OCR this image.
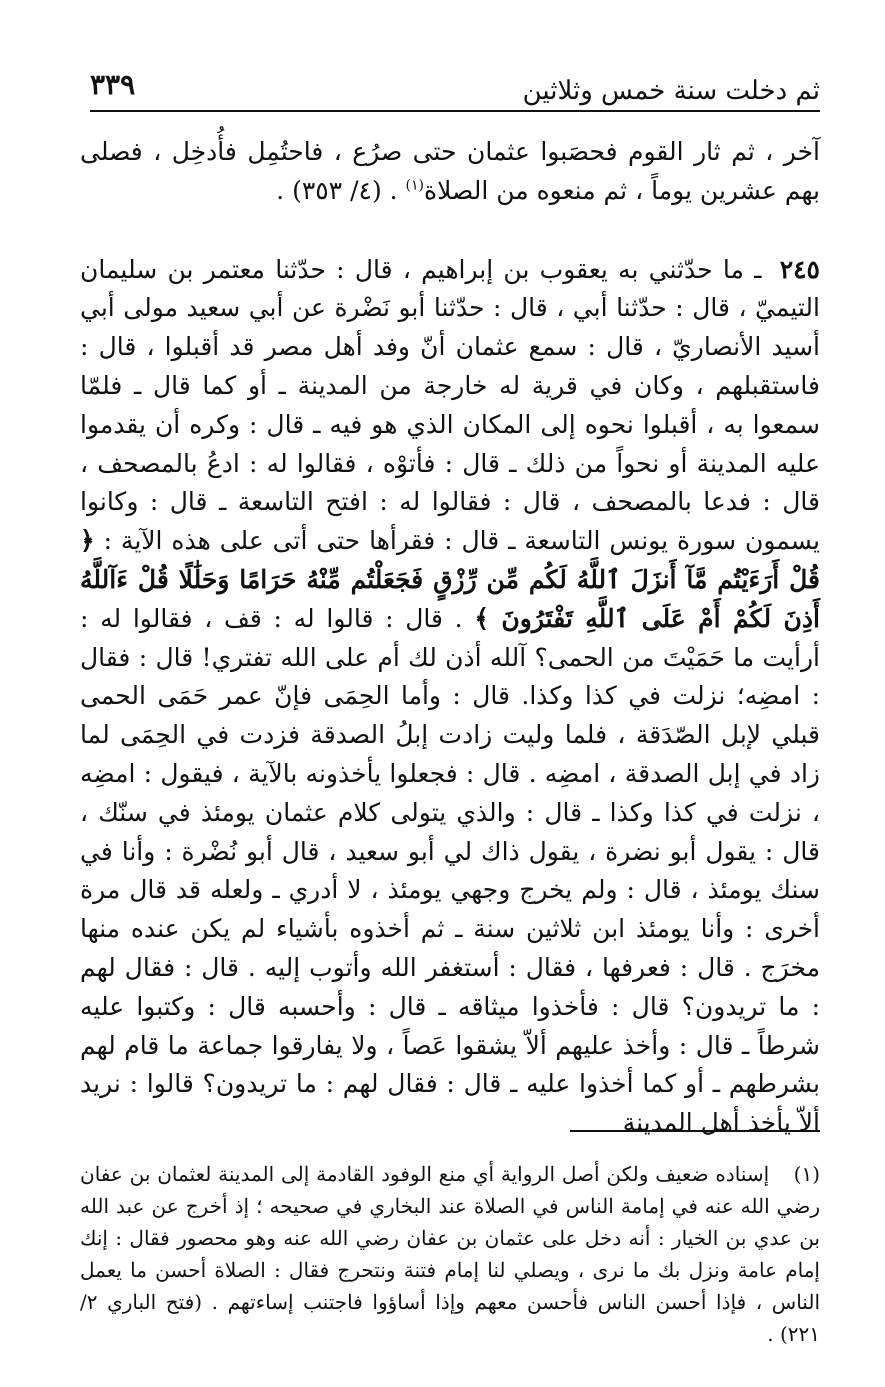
٣٣٩	ثم دخلت سنة خمس وثلاثين

آخر ، ثم ثار القوم فحصَبوا عثمان حتى صرُع ، فاحتُمِل فأُدخِل ، فصلى بهم عشرين يوماً ، ثم منعوه من الصلاة$^{(١)}$ . (٤/ ٣٥٣) .

٢٤٥ ـ ما حدّثني به يعقوب بن إبراهيم ، قال : حدّثنا معتمر بن سليمان التيميّ ، قال : حدّثنا أبي ، قال : حدّثنا أبو نَضْرة عن أبي سعيد مولى أبي أسيد الأنصاريّ ، قال : سمع عثمان أنّ وفد أهل مصر قد أقبلوا ، قال : فاستقبلهم ، وكان في قرية له خارجة من المدينة ـ أو كما قال ـ فلمّا سمعوا به ، أقبلوا نحوه إلى المكان الذي هو فيه ـ قال : وكره أن يقدموا عليه المدينة أو نحواً من ذلك ـ قال : فأتوْه ، فقالوا له : ادعُ بالمصحف ، قال : فدعا بالمصحف ، قال : فقالوا له : افتح التاسعة ـ قال : وكانوا يسمون سورة يونس التاسعة ـ قال : فقرأها حتى أتى على هذه الآية : ﴿ قُلْ أَرَءَيْتُم مَّآ أَنزَلَ ٱللَّهُ لَكُم مِّن رِّزْقٍ فَجَعَلْتُم مِّنْهُ حَرَامًا وَحَلَٰلًا قُلْ ءَآللَّهُ أَذِنَ لَكُمْ أَمْ عَلَى ٱللَّهِ تَفْتَرُونَ ﴾ . قال : قالوا له : قف ، فقالوا له : أرأيت ما حَمَيْتَ من الحمى؟ آلله أذن لك أم على الله تفتري! قال : فقال : امضِه؛ نزلت في كذا وكذا. قال : وأما الحِمَى فإنّ عمر حَمَى الحمى قبلي لإبل الصّدَقة ، فلما وليت زادت إبلُ الصدقة فزدت في الحِمَى لما زاد في إبل الصدقة ، امضِه . قال : فجعلوا يأخذونه بالآية ، فيقول : امضِه ، نزلت في كذا وكذا ـ قال : والذي يتولى كلام عثمان يومئذ في سنّك ، قال : يقول أبو نضرة ، يقول ذاك لي أبو سعيد ، قال أبو نُضْرة : وأنا في سنك يومئذ ، قال : ولم يخرج وجهي يومئذ ، لا أدري ـ ولعله قد قال مرة أخرى : وأنا يومئذ ابن ثلاثين سنة ـ ثم أخذوه بأشياء لم يكن عنده منها مخرَج . قال : فعرفها ، فقال : أستغفر الله وأتوب إليه . قال : فقال لهم : ما تريدون؟ قال : فأخذوا ميثاقه ـ قال : وأحسبه قال : وكتبوا عليه شرطاً ـ قال : وأخذ عليهم ألاّ يشقوا عَصاً ، ولا يفارقوا جماعة ما قام لهم بشرطهم ـ أو كما أخذوا عليه ـ قال : فقال لهم : ما تريدون؟ قالوا : نريد ألاّ يأخذ أهل المدينة

(١) إسناده ضعيف ولكن أصل الرواية أي منع الوفود القادمة إلى المدينة لعثمان بن عفان رضي الله عنه في إمامة الناس في الصلاة عند البخاري في صحيحه ؛ إذ أخرج عن عبد الله بن عدي بن الخيار : أنه دخل على عثمان بن عفان رضي الله عنه وهو محصور فقال : إنك إمام عامة ونزل بك ما نرى ، ويصلي لنا إمام فتنة ونتحرج فقال : الصلاة أحسن ما يعمل الناس ، فإذا أحسن الناس فأحسن معهم وإذا أساؤوا فاجتنب إساءتهم . (فتح الباري ٢/ ٢٢١) .
